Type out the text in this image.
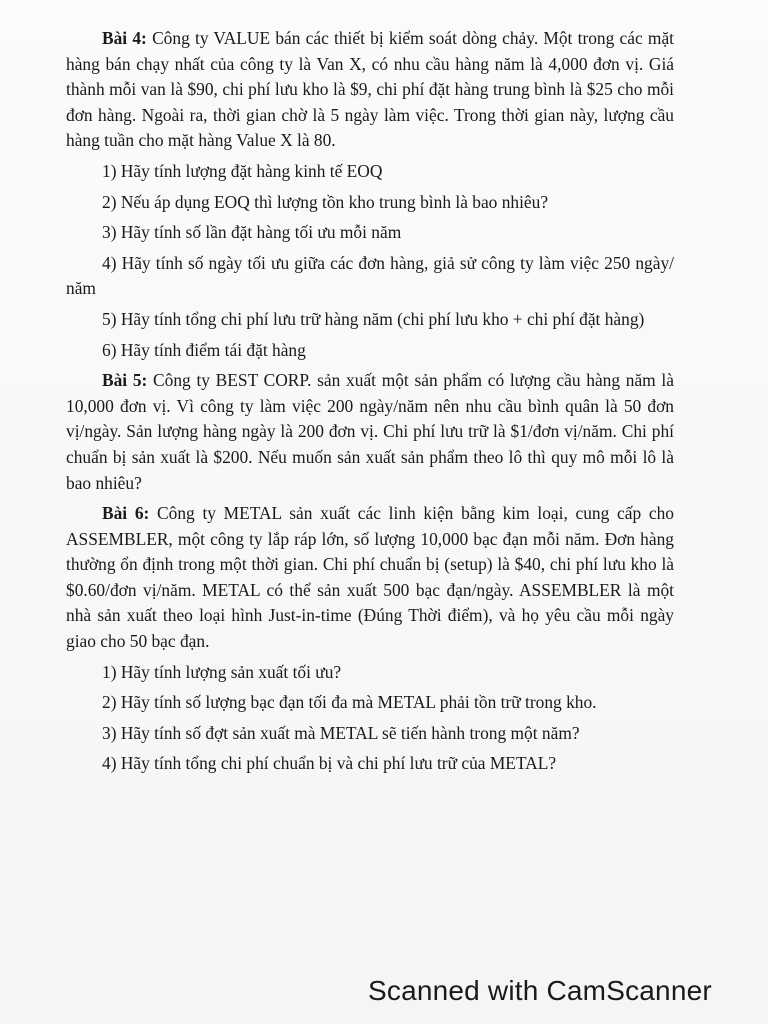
Bài 4: Công ty VALUE bán các thiết bị kiểm soát dòng chảy. Một trong các mặt hàng bán chạy nhất của công ty là Van X, có nhu cầu hàng năm là 4,000 đơn vị. Giá thành mỗi van là $90, chi phí lưu kho là $9, chi phí đặt hàng trung bình là $25 cho mỗi đơn hàng. Ngoài ra, thời gian chờ là 5 ngày làm việc. Trong thời gian này, lượng cầu hàng tuần cho mặt hàng Value X là 80.

1) Hãy tính lượng đặt hàng kinh tế EOQ
2) Nếu áp dụng EOQ thì lượng tồn kho trung bình là bao nhiêu?
3) Hãy tính số lần đặt hàng tối ưu mỗi năm
4) Hãy tính số ngày tối ưu giữa các đơn hàng, giả sử công ty làm việc 250 ngày/ năm
5) Hãy tính tổng chi phí lưu trữ hàng năm (chi phí lưu kho + chi phí đặt hàng)
6) Hãy tính điểm tái đặt hàng

Bài 5: Công ty BEST CORP. sản xuất một sản phẩm có lượng cầu hàng năm là 10,000 đơn vị. Vì công ty làm việc 200 ngày/năm nên nhu cầu bình quân là 50 đơn vị/ngày. Sản lượng hàng ngày là 200 đơn vị. Chi phí lưu trữ là $1/đơn vị/năm. Chi phí chuẩn bị sản xuất là $200. Nếu muốn sản xuất sản phẩm theo lô thì quy mô mỗi lô là bao nhiêu?

Bài 6: Công ty METAL sản xuất các linh kiện bằng kim loại, cung cấp cho ASSEMBLER, một công ty lắp ráp lớn, số lượng 10,000 bạc đạn mỗi năm. Đơn hàng thường ổn định trong một thời gian. Chi phí chuẩn bị (setup) là $40, chi phí lưu kho là $0.60/đơn vị/năm. METAL có thể sản xuất 500 bạc đạn/ngày. ASSEMBLER là một nhà sản xuất theo loại hình Just-in-time (Đúng Thời điểm), và họ yêu cầu mỗi ngày giao cho 50 bạc đạn.

1) Hãy tính lượng sản xuất tối ưu?
2) Hãy tính số lượng bạc đạn tối đa mà METAL phải tồn trữ trong kho.
3) Hãy tính số đợt sản xuất mà METAL sẽ tiến hành trong một năm?
4) Hãy tính tổng chi phí chuẩn bị và chi phí lưu trữ của METAL?
Scanned with CamScanner
